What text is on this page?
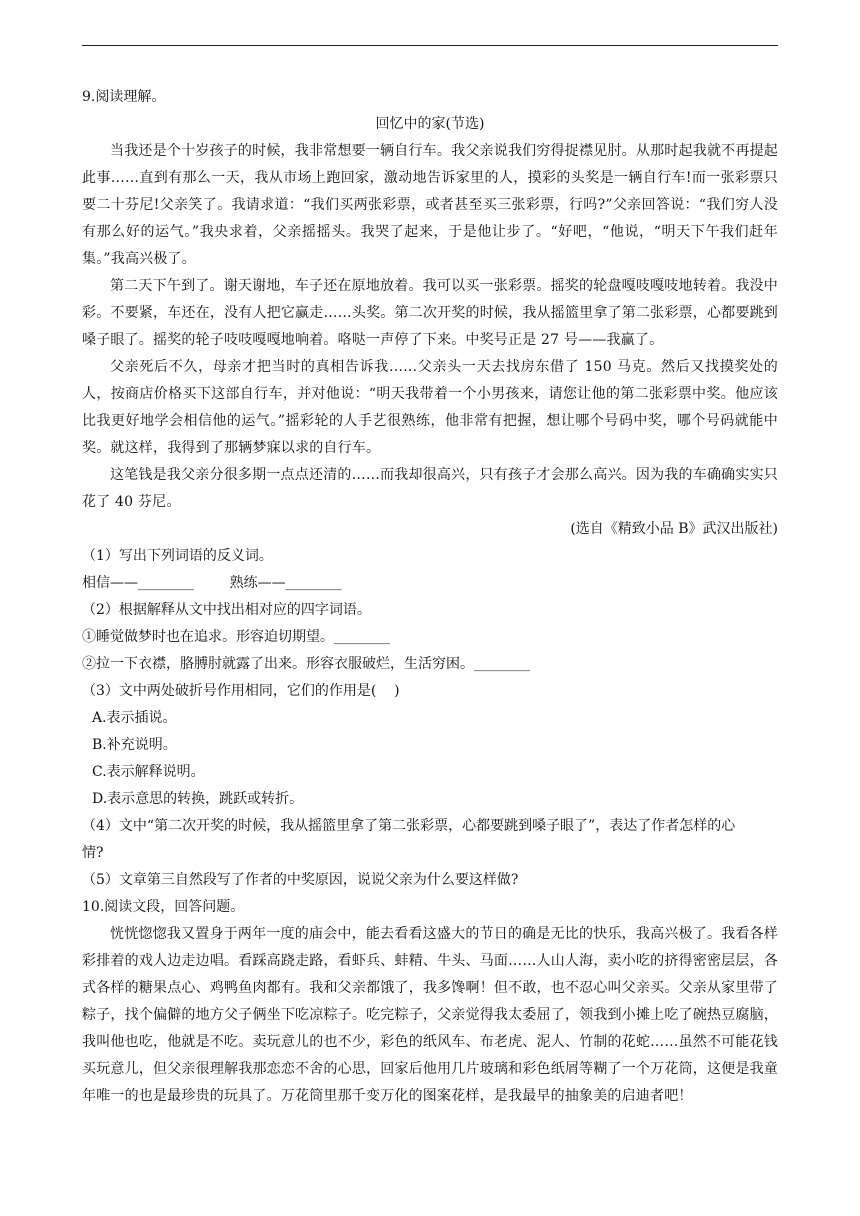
9.阅读理解。

回忆中的家(节选)

当我还是个十岁孩子的时候，我非常想要一辆自行车。我父亲说我们穷得捉襟见肘。从那时起我就不再提起此事……直到有那么一天，我从市场上跑回家，激动地告诉家里的人，摸彩的头奖是一辆自行车!而一张彩票只要二十芬尼!父亲笑了。我请求道：“我们买两张彩票，或者甚至买三张彩票，行吗?”父亲回答说：“我们穷人没有那么好的运气。”我央求着，父亲摇摇头。我哭了起来，于是他让步了。“好吧，“他说，“明天下午我们赶年集。”我高兴极了。

第二天下午到了。谢天谢地，车子还在原地放着。我可以买一张彩票。摇奖的轮盘嘎吱嘎吱地转着。我没中彩。不要紧，车还在，没有人把它赢走……头奖。第二次开奖的时候，我从摇篮里拿了第二张彩票，心都要跳到嗓子眼了。摇奖的轮子吱吱嘎嘎地响着。咯哒一声停了下来。中奖号正是 27 号——我赢了。

父亲死后不久，母亲才把当时的真相告诉我……父亲头一天去找房东借了 150 马克。然后又找摸奖处的人，按商店价格买下这部自行车，并对他说：“明天我带着一个小男孩来，请您让他的第二张彩票中奖。他应该比我更好地学会相信他的运气。”摇彩轮的人手艺很熟练，他非常有把握，想让哪个号码中奖，哪个号码就能中奖。就这样，我得到了那辆梦寐以求的自行车。

这笔钱是我父亲分很多期一点点还清的……而我却很高兴，只有孩子才会那么高兴。因为我的车确确实实只花了 40 芬尼。

(选自《精致小品 B》武汉出版社)

（1）写出下列词语的反义词。

相信——________        熟练——________

（2）根据解释从文中找出相对应的四字词语。

①睡觉做梦时也在追求。形容迫切期望。________

②拉一下衣襟，胳膊肘就露了出来。形容衣服破烂，生活穷困。________

（3）文中两处破折号作用相同，它们的作用是(    )

A.表示插说。

B.补充说明。

C.表示解释说明。

D.表示意思的转换，跳跃或转折。

（4）文中“第二次开奖的时候，我从摇篮里拿了第二张彩票，心都要跳到嗓子眼了”，表达了作者怎样的心

情?

（5）文章第三自然段写了作者的中奖原因，说说父亲为什么要这样做?

10.阅读文段，回答问题。

恍恍惚惚我又置身于两年一度的庙会中，能去看看这盛大的节日的确是无比的快乐，我高兴极了。我看各样彩排着的戏人边走边唱。看踩高跷走路，看虾兵、蚌精、牛头、马面……人山人海，卖小吃的挤得密密层层，各式各样的糖果点心、鸡鸭鱼肉都有。我和父亲都饿了，我多馋啊！但不敢，也不忍心叫父亲买。父亲从家里带了粽子，找个偏僻的地方父子俩坐下吃凉粽子。吃完粽子，父亲觉得我太委屈了，领我到小摊上吃了碗热豆腐脑，我叫他也吃，他就是不吃。卖玩意儿的也不少，彩色的纸风车、布老虎、泥人、竹制的花蛇……虽然不可能花钱买玩意儿，但父亲很理解我那恋恋不舍的心思，回家后他用几片玻璃和彩色纸屑等糊了一个万花筒，这便是我童年唯一的也是最珍贵的玩具了。万花筒里那千变万化的图案花样，是我最早的抽象美的启迪者吧！
